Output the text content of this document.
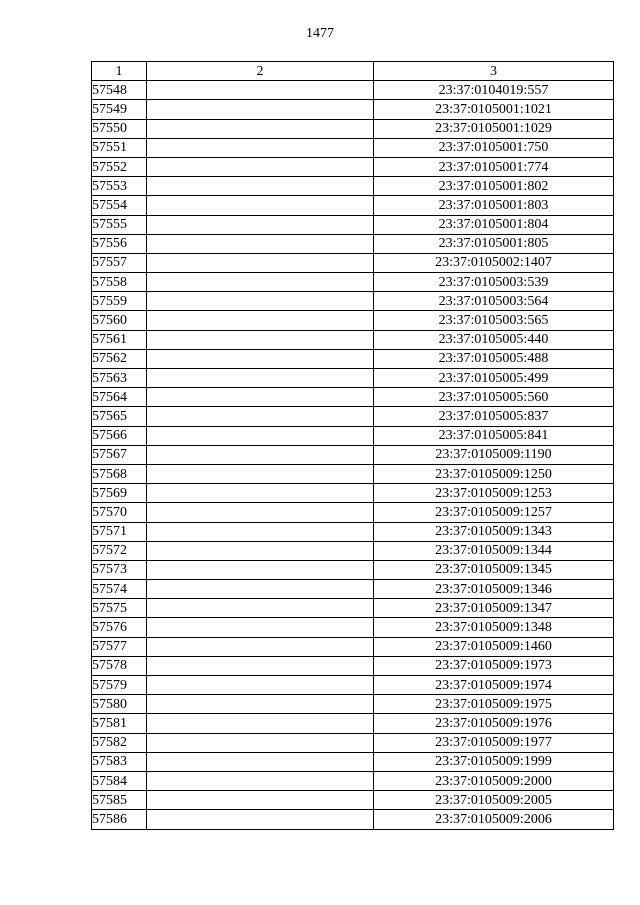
1477
1	2	3
57548		23:37:0104019:557
57549		23:37:0105001:1021
57550		23:37:0105001:1029
57551		23:37:0105001:750
57552		23:37:0105001:774
57553		23:37:0105001:802
57554		23:37:0105001:803
57555		23:37:0105001:804
57556		23:37:0105001:805
57557		23:37:0105002:1407
57558		23:37:0105003:539
57559		23:37:0105003:564
57560		23:37:0105003:565
57561		23:37:0105005:440
57562		23:37:0105005:488
57563		23:37:0105005:499
57564		23:37:0105005:560
57565		23:37:0105005:837
57566		23:37:0105005:841
57567		23:37:0105009:1190
57568		23:37:0105009:1250
57569		23:37:0105009:1253
57570		23:37:0105009:1257
57571		23:37:0105009:1343
57572		23:37:0105009:1344
57573		23:37:0105009:1345
57574		23:37:0105009:1346
57575		23:37:0105009:1347
57576		23:37:0105009:1348
57577		23:37:0105009:1460
57578		23:37:0105009:1973
57579		23:37:0105009:1974
57580		23:37:0105009:1975
57581		23:37:0105009:1976
57582		23:37:0105009:1977
57583		23:37:0105009:1999
57584		23:37:0105009:2000
57585		23:37:0105009:2005
57586		23:37:0105009:2006
